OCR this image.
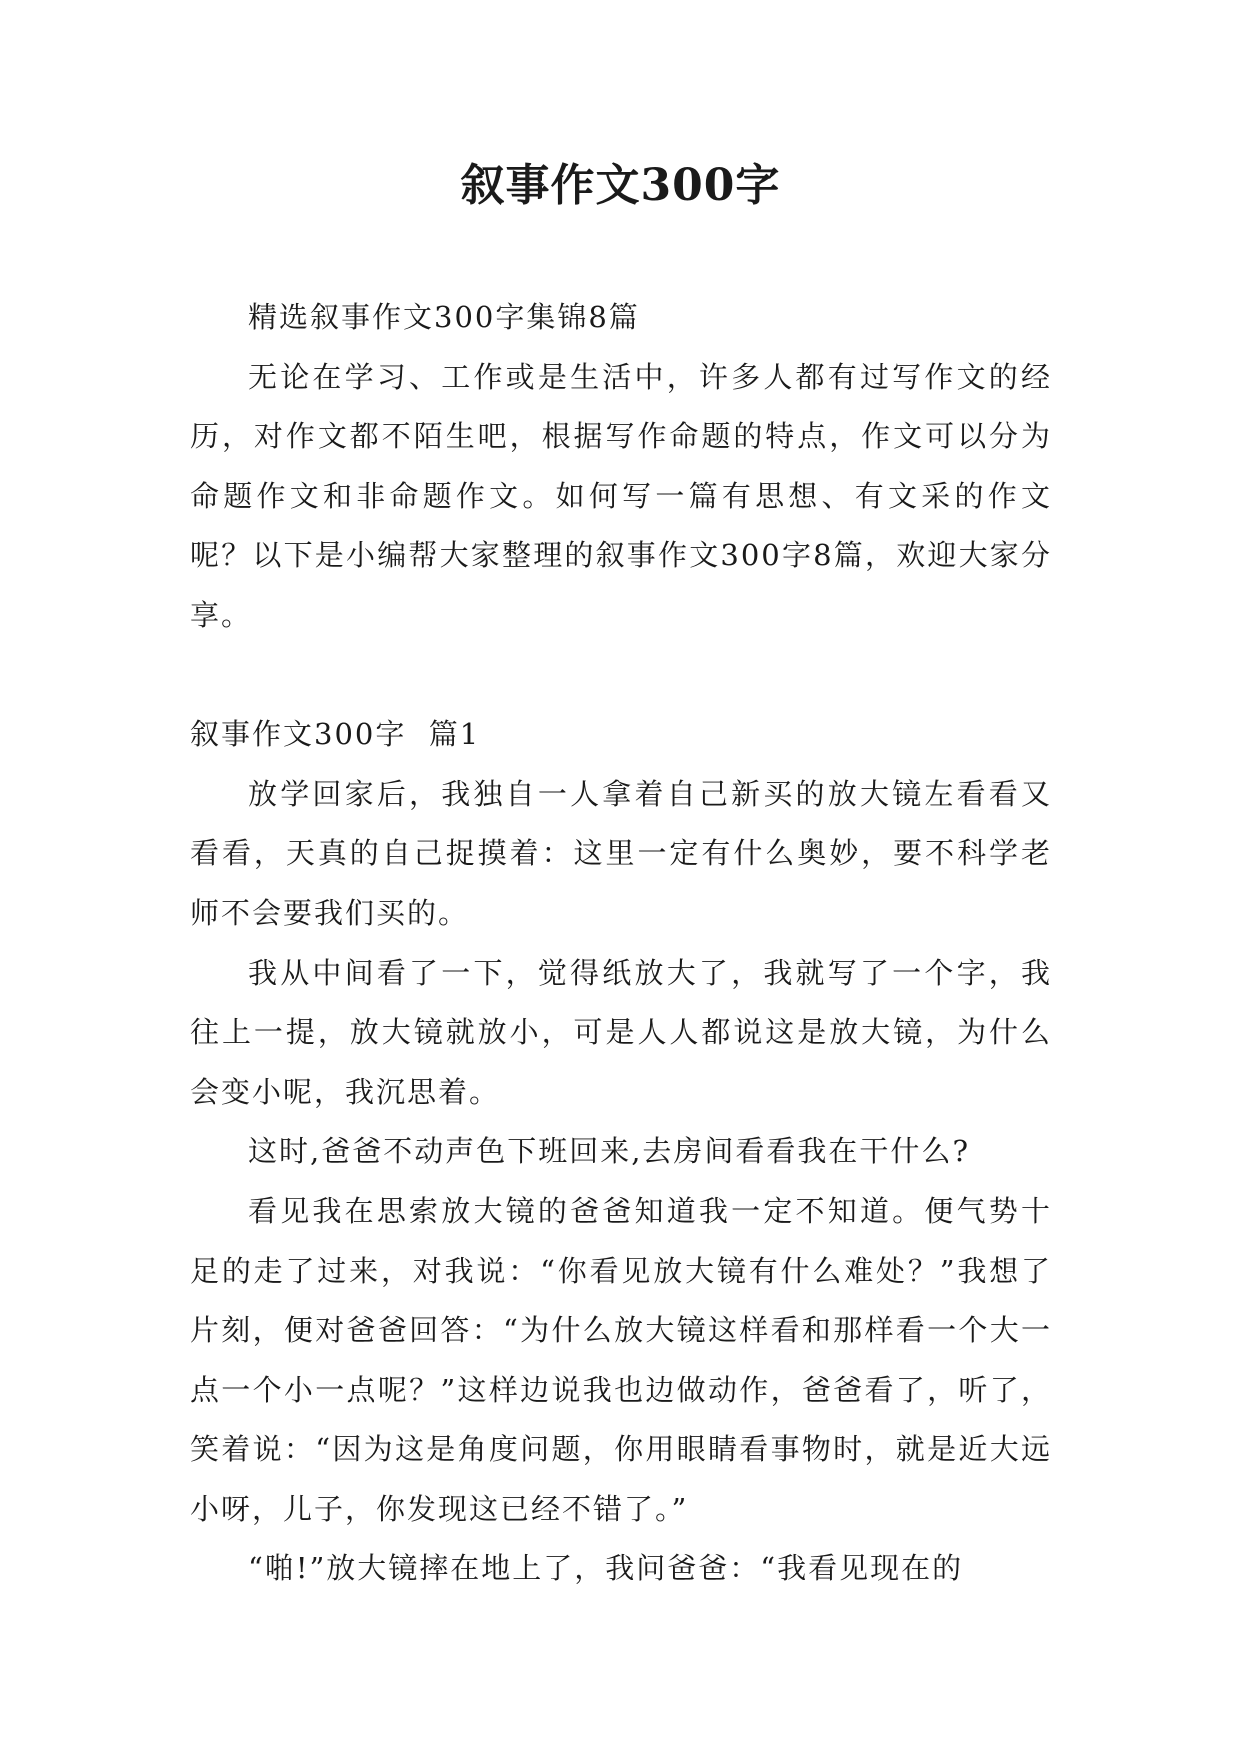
叙事作文300字

精选叙事作文300字集锦8篇

无论在学习、工作或是生活中，许多人都有过写作文的经历，对作文都不陌生吧，根据写作命题的特点，作文可以分为命题作文和非命题作文。如何写一篇有思想、有文采的作文呢？以下是小编帮大家整理的叙事作文300字8篇，欢迎大家分享。

叙事作文300字  篇1

放学回家后，我独自一人拿着自己新买的放大镜左看看又看看，天真的自己捉摸着：这里一定有什么奥妙，要不科学老师不会要我们买的。

我从中间看了一下，觉得纸放大了，我就写了一个字，我往上一提，放大镜就放小，可是人人都说这是放大镜，为什么会变小呢，我沉思着。

这时,爸爸不动声色下班回来,去房间看看我在干什么?

看见我在思索放大镜的爸爸知道我一定不知道。便气势十足的走了过来，对我说：“你看见放大镜有什么难处？”我想了片刻，便对爸爸回答：“为什么放大镜这样看和那样看一个大一点一个小一点呢？”这样边说我也边做动作，爸爸看了，听了，笑着说：“因为这是角度问题，你用眼睛看事物时，就是近大远小呀，儿子，你发现这已经不错了。”

“啪!”放大镜摔在地上了，我问爸爸：“我看见现在的
